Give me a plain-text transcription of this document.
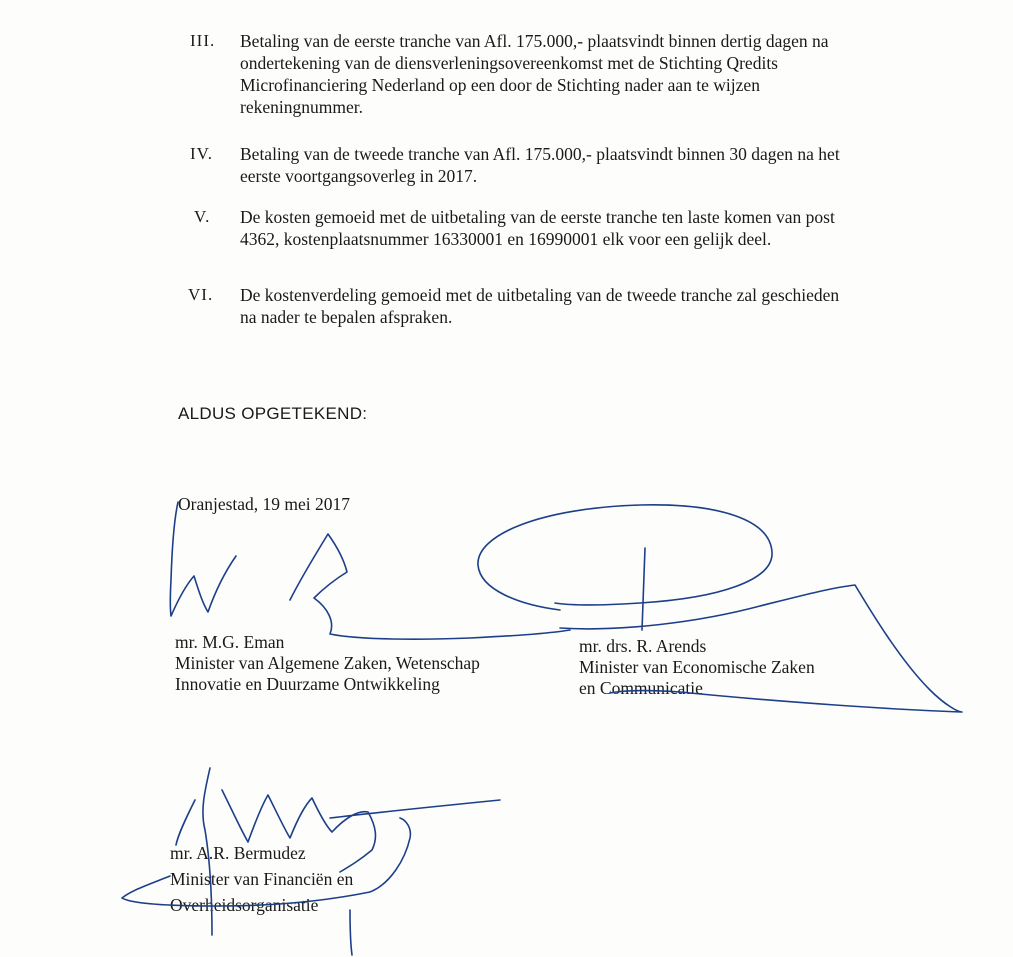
III. Betaling van de eerste tranche van Afl. 175.000,- plaatsvindt binnen dertig dagen na
ondertekening van de diensverleningsovereenkomst met de Stichting Qredits
Microfinanciering Nederland op een door de Stichting nader aan te wijzen
rekeningnummer.
IV. Betaling van de tweede tranche van Afl. 175.000,- plaatsvindt binnen 30 dagen na het
eerste voortgangsoverleg in 2017.
V. De kosten gemoeid met de uitbetaling van de eerste tranche ten laste komen van post
4362, kostenplaatsnummer 16330001 en 16990001 elk voor een gelijk deel.
VI. De kostenverdeling gemoeid met de uitbetaling van de tweede tranche zal geschieden
na nader te bepalen afspraken.
ALDUS OPGETEKEND:
Oranjestad, 19 mei 2017
mr. M.G. Eman
Minister van Algemene Zaken, Wetenschap
Innovatie en Duurzame Ontwikkeling
mr. drs. R. Arends
Minister van Economische Zaken
en Communicatie
mr. A.R. Bermudez
Minister van Financiën en
Overheidsorganisatie
